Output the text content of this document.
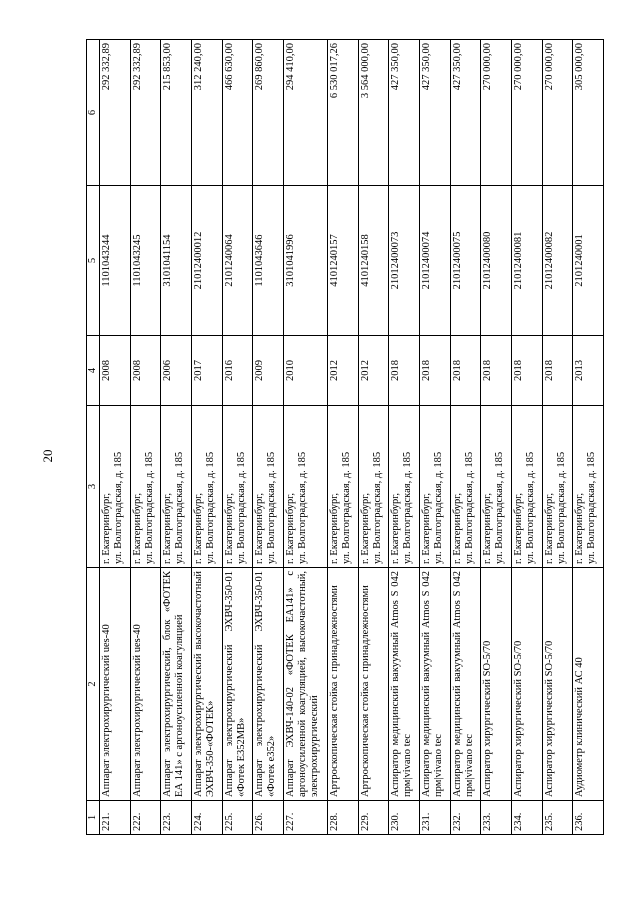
20
1	2	3	4	5	6
221.	Аппарат электрохирургический ues-40	г. Екатеринбург, ул. Волгоградская, д. 185	2008	1101043244	292 332,89
222.	Аппарат электрохирургический ues-40	г. Екатеринбург, ул. Волгоградская, д. 185	2008	1101043245	292 332,89
223.	Аппарат электрохирургический, блок «ФОТЕК ЕА 141» с аргоноусиленной коагуляцией	г. Екатеринбург, ул. Волгоградская, д. 185	2006	3101041154	215 853,00
224.	Аппарат электрохирургический высокочастотный ЭХВЧ-350-«ФОТЕК»	г. Екатеринбург, ул. Волгоградская, д. 185	2017	21012400012	312 240,00
225.	Аппарат электрохирургический ЭХВЧ-350-01 «Фотек Е352МВ»	г. Екатеринбург, ул. Волгоградская, д. 185	2016	2101240064	466 630,00
226.	Аппарат электрохирургический ЭХВЧ-350-01 «Фотек е352»	г. Екатеринбург, ул. Волгоградская, д. 185	2009	1101043646	269 860,00
227.	Аппарат ЭХВЧ-140-02 «ФОТЕК ЕА141» с аргоноусиленной коагуляцией, высокочастотный, электрохирургический	г. Екатеринбург, ул. Волгоградская, д. 185	2010	3101041996	294 410,00
228.	Артроскопическая стойка с принадлежностями	г. Екатеринбург, ул. Волгоградская, д. 185	2012	4101240157	6 530 017,26
229.	Артроскопическая стойка с принадлежностями	г. Екатеринбург, ул. Волгоградская, д. 185	2012	4101240158	3 564 000,00
230.	Аспиратор медицинский вакуумный Atmos S 042 прм|vivano tec	г. Екатеринбург, ул. Волгоградская, д. 185	2018	21012400073	427 350,00
231.	Аспиратор медицинский вакуумный Atmos S 042 прм|vivano tec	г. Екатеринбург, ул. Волгоградская, д. 185	2018	21012400074	427 350,00
232.	Аспиратор медицинский вакуумный Atmos S 042 прм|vivano tec	г. Екатеринбург, ул. Волгоградская, д. 185	2018	21012400075	427 350,00
233.	Аспиратор хирургический SO-5/70	г. Екатеринбург, ул. Волгоградская, д. 185	2018	21012400080	270 000,00
234.	Аспиратор хирургический SO-5/70	г. Екатеринбург, ул. Волгоградская, д. 185	2018	21012400081	270 000,00
235.	Аспиратор хирургический SO-5/70	г. Екатеринбург, ул. Волгоградская, д. 185	2018	21012400082	270 000,00
236.	Аудиометр клинический АС 40	г. Екатеринбург, ул. Волгоградская, д. 185	2013	2101240001	305 000,00
